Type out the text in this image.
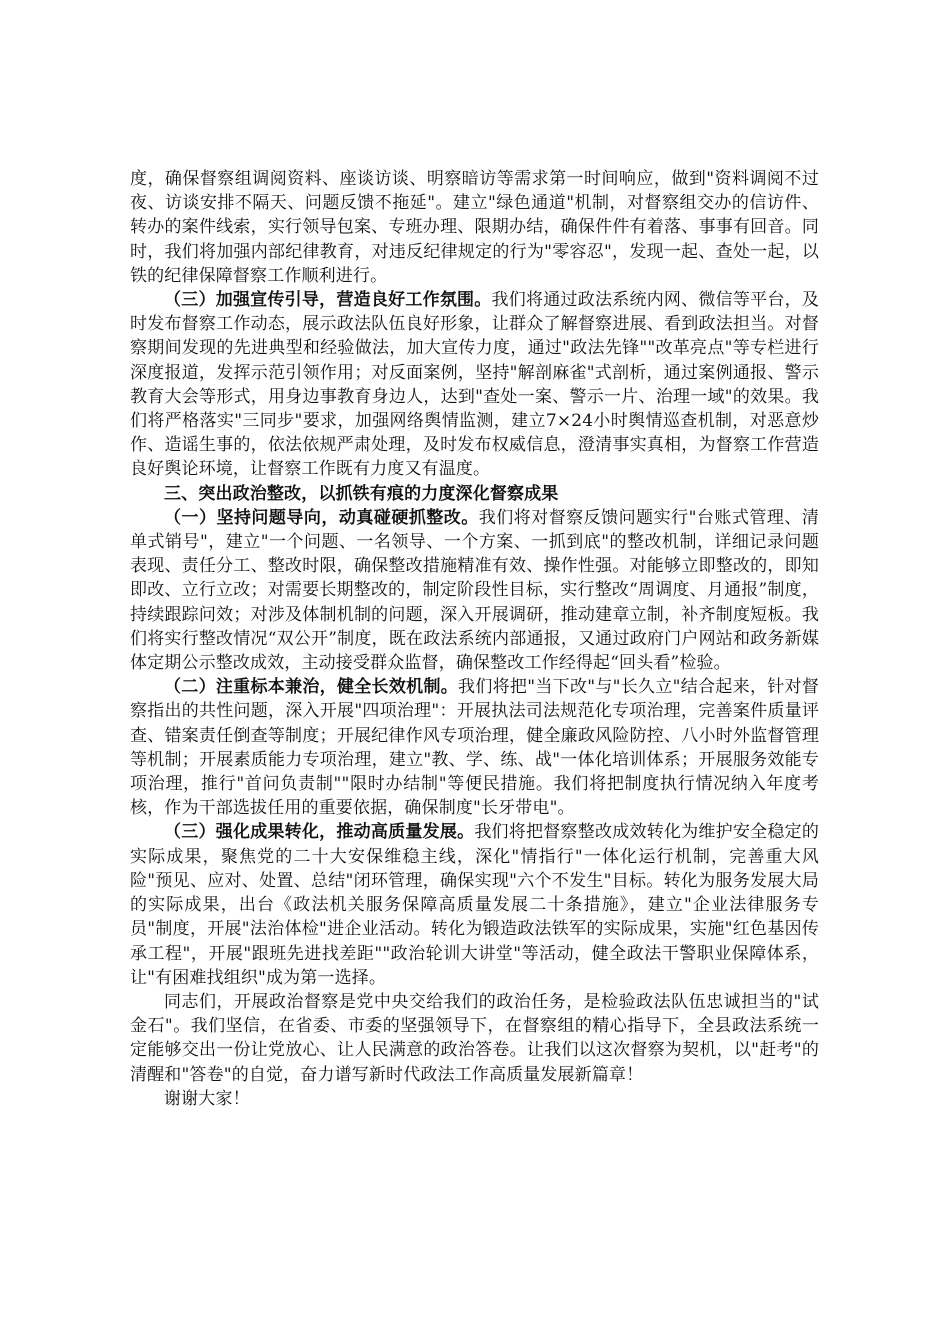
度，确保督察组调阅资料、座谈访谈、明察暗访等需求第一时间响应，做到"资料调阅不过夜、访谈安排不隔天、问题反馈不拖延"。建立"绿色通道"机制，对督察组交办的信访件、转办的案件线索，实行领导包案、专班办理、限期办结，确保件件有着落、事事有回音。同时，我们将加强内部纪律教育，对违反纪律规定的行为"零容忍"，发现一起、查处一起，以铁的纪律保障督察工作顺利进行。

（三）加强宣传引导，营造良好工作氛围。我们将通过政法系统内网、微信等平台，及时发布督察工作动态，展示政法队伍良好形象，让群众了解督察进展、看到政法担当。对督察期间发现的先进典型和经验做法，加大宣传力度，通过"政法先锋""改革亮点"等专栏进行深度报道，发挥示范引领作用；对反面案例，坚持"解剖麻雀"式剖析，通过案例通报、警示教育大会等形式，用身边事教育身边人，达到"查处一案、警示一片、治理一域"的效果。我们将严格落实"三同步"要求，加强网络舆情监测，建立7×24小时舆情巡查机制，对恶意炒作、造谣生事的，依法依规严肃处理，及时发布权威信息，澄清事实真相，为督察工作营造良好舆论环境，让督察工作既有力度又有温度。

三、突出政治整改，以抓铁有痕的力度深化督察成果

（一）坚持问题导向，动真碰硬抓整改。我们将对督察反馈问题实行"台账式管理、清单式销号"，建立"一个问题、一名领导、一个方案、一抓到底"的整改机制，详细记录问题表现、责任分工、整改时限，确保整改措施精准有效、操作性强。对能够立即整改的，即知即改、立行立改；对需要长期整改的，制定阶段性目标，实行整改“周调度、月通报”制度，持续跟踪问效；对涉及体制机制的问题，深入开展调研，推动建章立制，补齐制度短板。我们将实行整改情况“双公开”制度，既在政法系统内部通报，又通过政府门户网站和政务新媒体定期公示整改成效，主动接受群众监督，确保整改工作经得起“回头看”检验。

（二）注重标本兼治，健全长效机制。我们将把"当下改"与"长久立"结合起来，针对督察指出的共性问题，深入开展"四项治理"：开展执法司法规范化专项治理，完善案件质量评查、错案责任倒查等制度；开展纪律作风专项治理，健全廉政风险防控、八小时外监督管理等机制；开展素质能力专项治理，建立"教、学、练、战"一体化培训体系；开展服务效能专项治理，推行"首问负责制""限时办结制"等便民措施。我们将把制度执行情况纳入年度考核，作为干部选拔任用的重要依据，确保制度"长牙带电"。

（三）强化成果转化，推动高质量发展。我们将把督察整改成效转化为维护安全稳定的实际成果，聚焦党的二十大安保维稳主线，深化"情指行"一体化运行机制，完善重大风险"预见、应对、处置、总结"闭环管理，确保实现"六个不发生"目标。转化为服务发展大局的实际成果，出台《政法机关服务保障高质量发展二十条措施》，建立"企业法律服务专员"制度，开展"法治体检"进企业活动。转化为锻造政法铁军的实际成果，实施"红色基因传承工程"，开展"跟班先进找差距""政治轮训大讲堂"等活动，健全政法干警职业保障体系，让"有困难找组织"成为第一选择。

同志们，开展政治督察是党中央交给我们的政治任务，是检验政法队伍忠诚担当的"试金石"。我们坚信，在省委、市委的坚强领导下，在督察组的精心指导下，全县政法系统一定能够交出一份让党放心、让人民满意的政治答卷。让我们以这次督察为契机，以"赶考"的清醒和"答卷"的自觉，奋力谱写新时代政法工作高质量发展新篇章！

谢谢大家！
